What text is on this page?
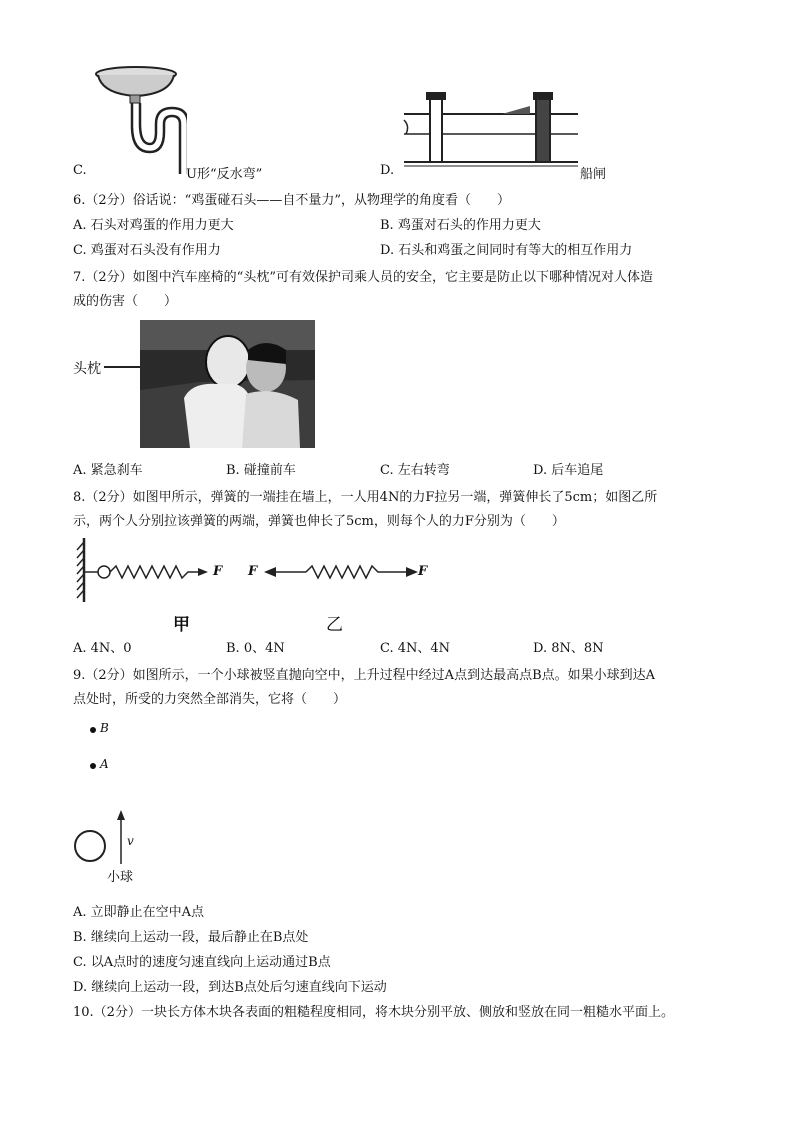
C.	U形“反水弯”	D.	船闸
6.（2分）俗话说：“鸡蛋碰石头——自不量力”，从物理学的角度看（　　）
A. 石头对鸡蛋的作用力更大	B. 鸡蛋对石头的作用力更大
C. 鸡蛋对石头没有作用力	D. 石头和鸡蛋之间同时有等大的相互作用力
7.（2分）如图中汽车座椅的“头枕”可有效保护司乘人员的安全，它主要是防止以下哪种情况对人体造
成的伤害（　　）
头枕
A. 紧急刹车	B. 碰撞前车	C. 左右转弯	D. 后车追尾
8.（2分）如图甲所示，弹簧的一端挂在墙上，一人用4N的力F拉另一端，弹簧伸长了5cm；如图乙所
示，两个人分别拉该弹簧的两端，弹簧也伸长了5cm，则每个人的力F分别为（　　）
F F	F
甲	乙
A. 4N、0	B. 0、4N	C. 4N、4N	D. 8N、8N
9.（2分）如图所示，一个小球被竖直抛向空中，上升过程中经过A点到达最高点B点。如果小球到达A
点处时，所受的力突然全部消失，它将（　　）
B
A
v
小球
A. 立即静止在空中A点
B. 继续向上运动一段，最后静止在B点处
C. 以A点时的速度匀速直线向上运动通过B点
D. 继续向上运动一段，到达B点处后匀速直线向下运动
10.（2分）一块长方体木块各表面的粗糙程度相同，将木块分别平放、侧放和竖放在同一粗糙水平面上。
